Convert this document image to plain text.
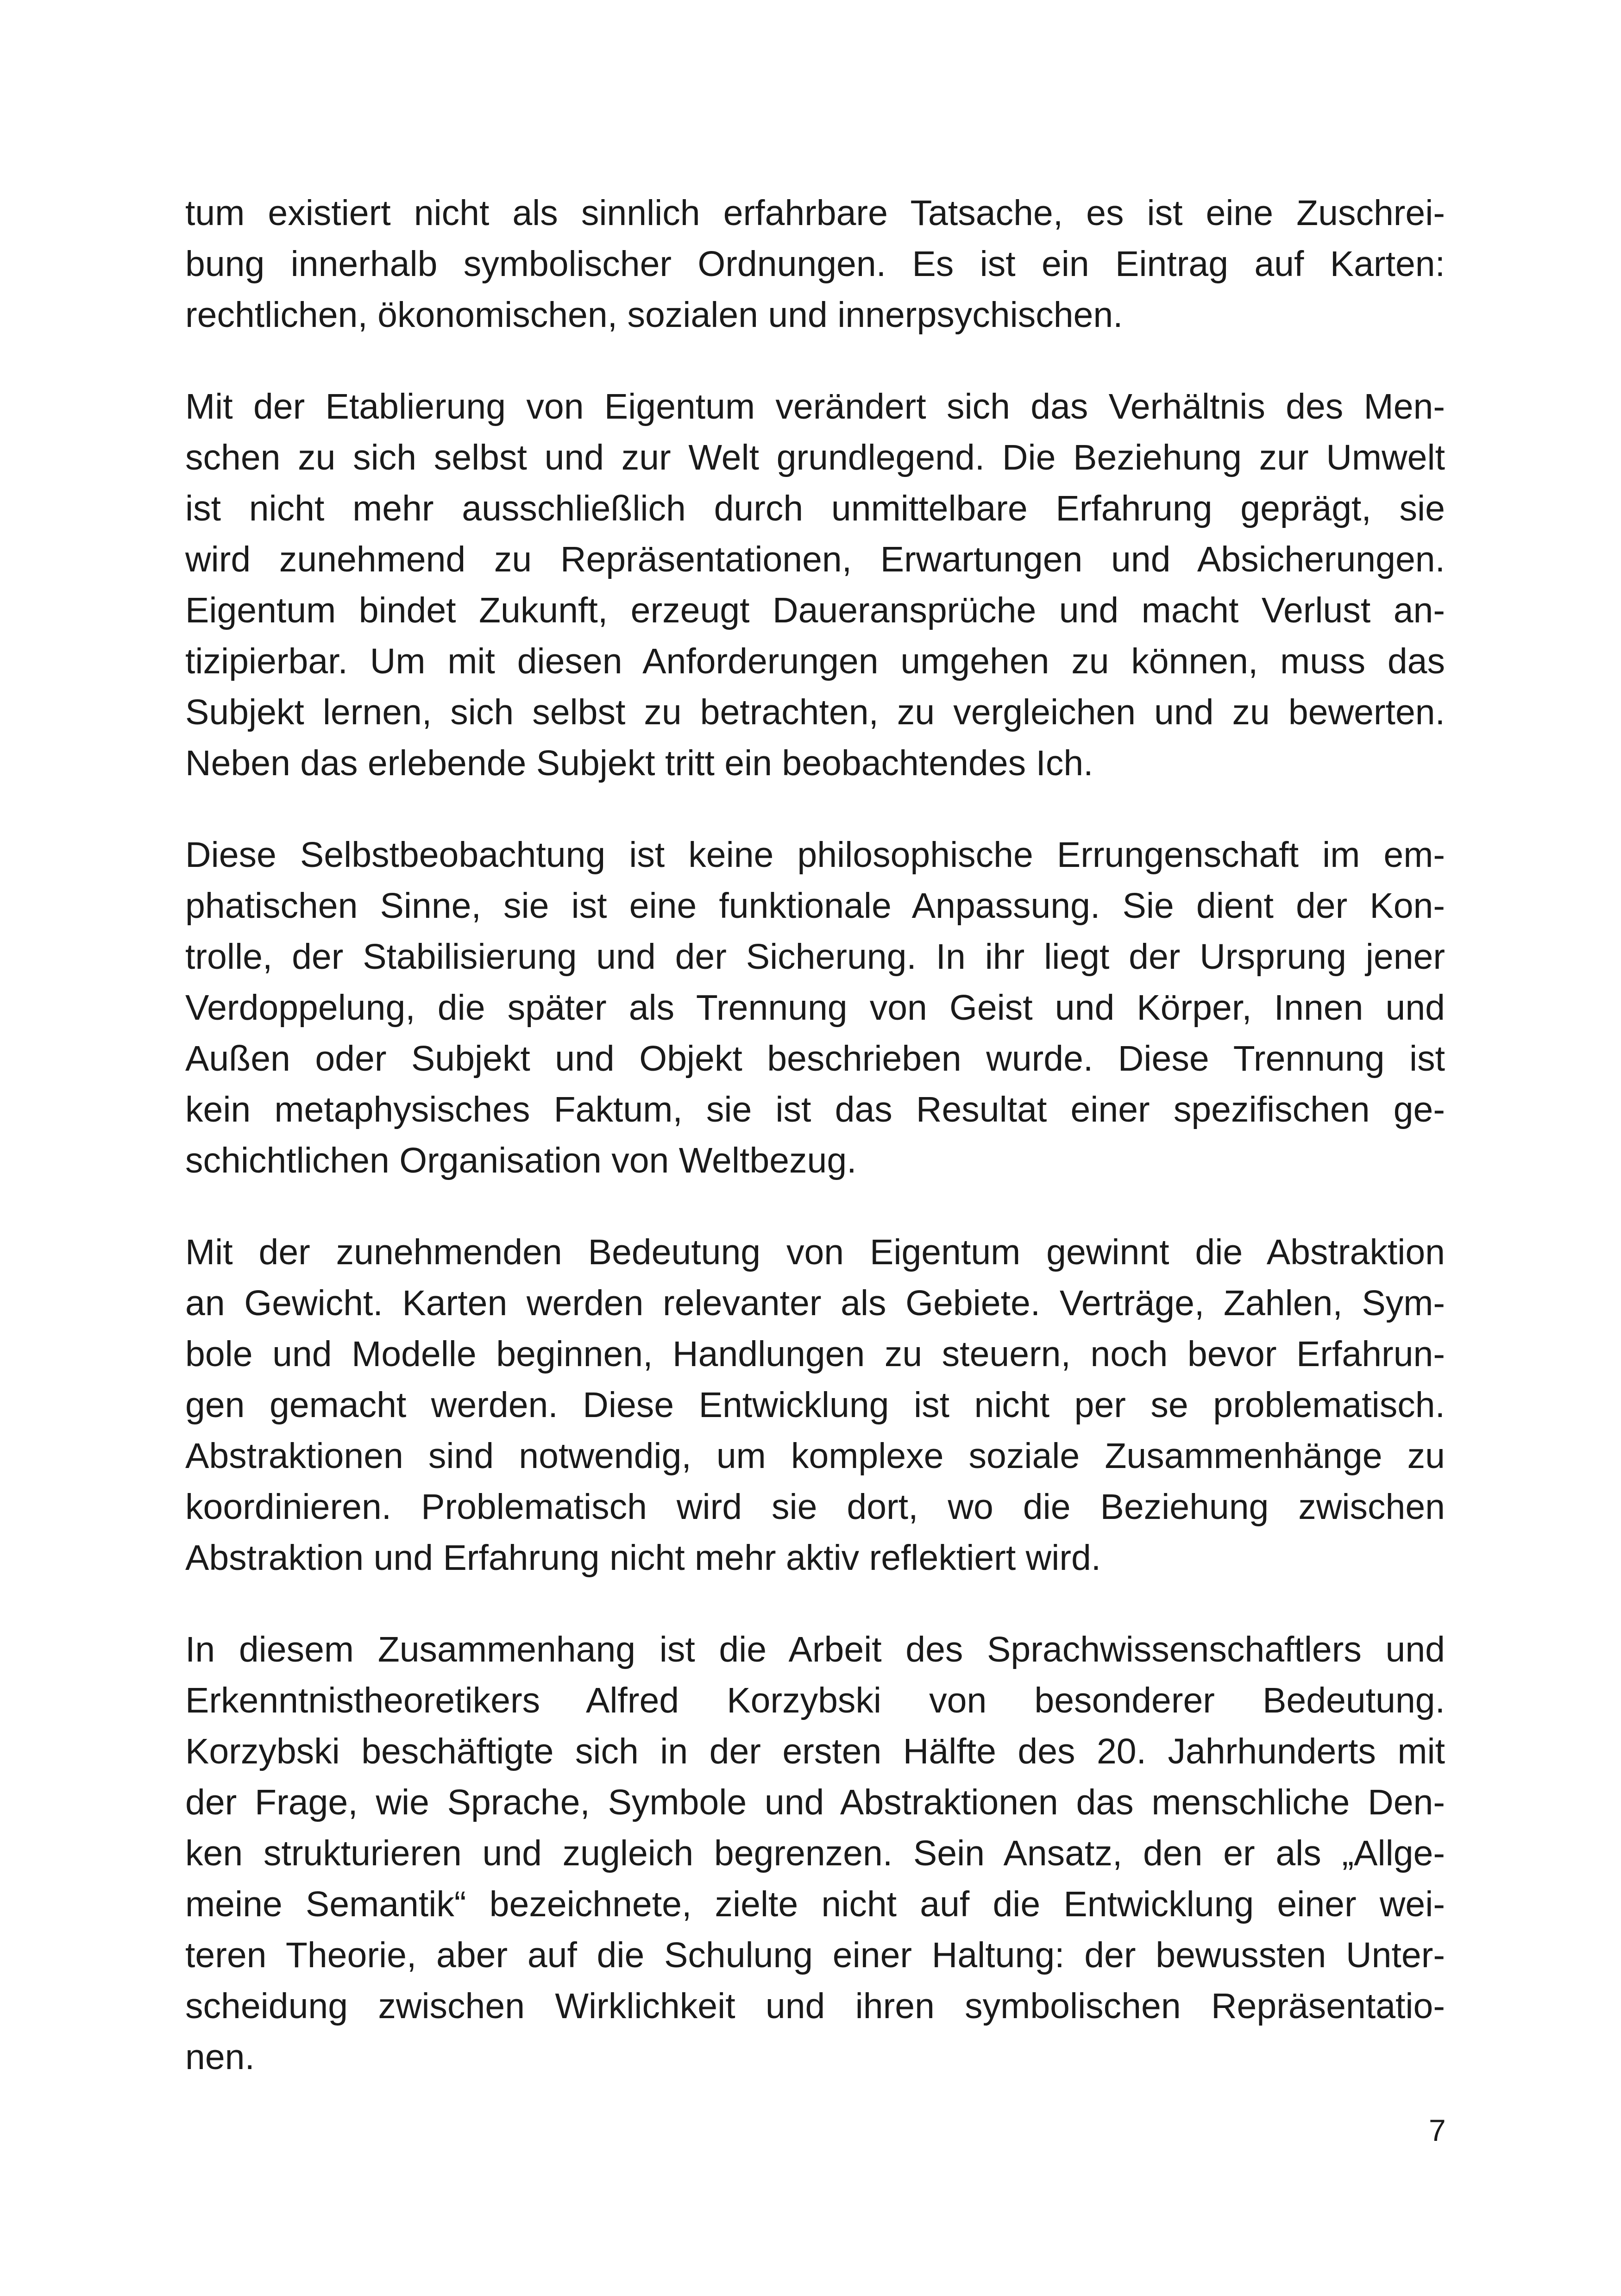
tum existiert nicht als sinnlich erfahrbare Tatsache, es ist eine Zuschrei-
bung innerhalb symbolischer Ordnungen. Es ist ein Eintrag auf Karten:
rechtlichen, ökonomischen, sozialen und innerpsychischen.
Mit der Etablierung von Eigentum verändert sich das Verhältnis des Men-
schen zu sich selbst und zur Welt grundlegend. Die Beziehung zur Umwelt
ist nicht mehr ausschließlich durch unmittelbare Erfahrung geprägt, sie
wird zunehmend zu Repräsentationen, Erwartungen und Absicherungen.
Eigentum bindet Zukunft, erzeugt Daueransprüche und macht Verlust an-
tizipierbar. Um mit diesen Anforderungen umgehen zu können, muss das
Subjekt lernen, sich selbst zu betrachten, zu vergleichen und zu bewerten.
Neben das erlebende Subjekt tritt ein beobachtendes Ich.
Diese Selbstbeobachtung ist keine philosophische Errungenschaft im em-
phatischen Sinne, sie ist eine funktionale Anpassung. Sie dient der Kon-
trolle, der Stabilisierung und der Sicherung. In ihr liegt der Ursprung jener
Verdoppelung, die später als Trennung von Geist und Körper, Innen und
Außen oder Subjekt und Objekt beschrieben wurde. Diese Trennung ist
kein metaphysisches Faktum, sie ist das Resultat einer spezifischen ge-
schichtlichen Organisation von Weltbezug.
Mit der zunehmenden Bedeutung von Eigentum gewinnt die Abstraktion
an Gewicht. Karten werden relevanter als Gebiete. Verträge, Zahlen, Sym-
bole und Modelle beginnen, Handlungen zu steuern, noch bevor Erfahrun-
gen gemacht werden. Diese Entwicklung ist nicht per se problematisch.
Abstraktionen sind notwendig, um komplexe soziale Zusammenhänge zu
koordinieren. Problematisch wird sie dort, wo die Beziehung zwischen
Abstraktion und Erfahrung nicht mehr aktiv reflektiert wird.
In diesem Zusammenhang ist die Arbeit des Sprachwissenschaftlers und
Erkenntnistheoretikers Alfred Korzybski von besonderer Bedeutung.
Korzybski beschäftigte sich in der ersten Hälfte des 20. Jahrhunderts mit
der Frage, wie Sprache, Symbole und Abstraktionen das menschliche Den-
ken strukturieren und zugleich begrenzen. Sein Ansatz, den er als „Allge-
meine Semantik“ bezeichnete, zielte nicht auf die Entwicklung einer wei-
teren Theorie, aber auf die Schulung einer Haltung: der bewussten Unter-
scheidung zwischen Wirklichkeit und ihren symbolischen Repräsentatio-
nen.
7
